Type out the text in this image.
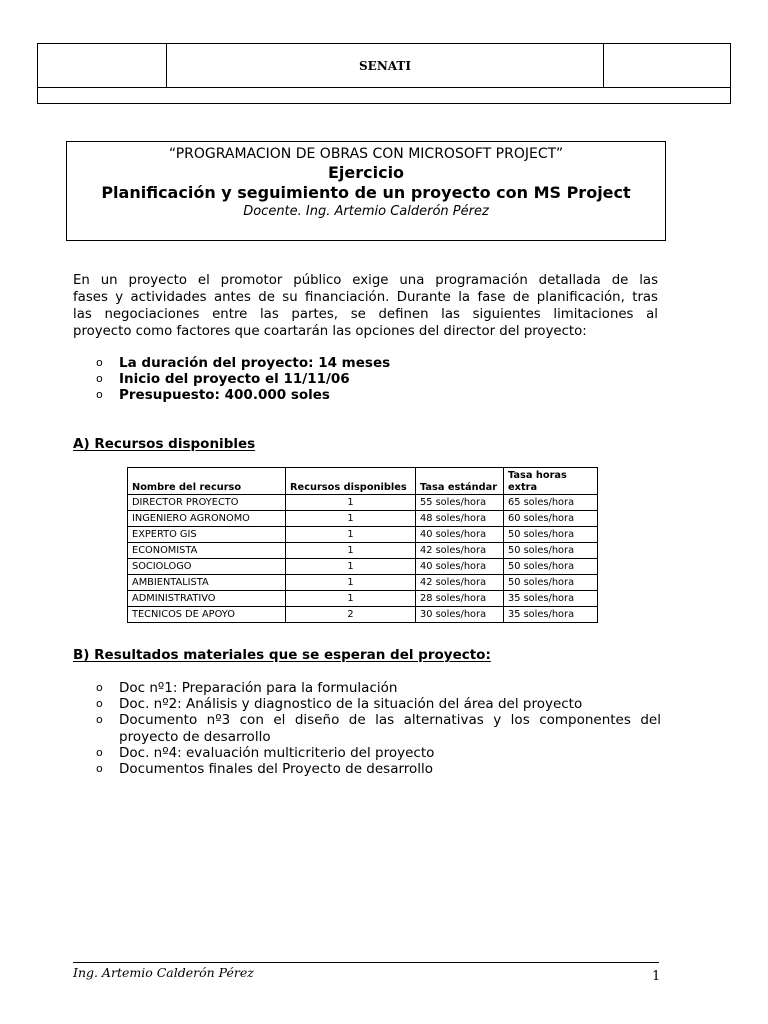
SENATI
“PROGRAMACION DE OBRAS CON MICROSOFT PROJECT”
Ejercicio
Planificación y seguimiento de un proyecto con MS Project
Docente. Ing. Artemio Calderón Pérez
En un proyecto el promotor público exige una programación detallada de las
fases y actividades antes de su financiación. Durante la fase de planificación, tras
las negociaciones entre las partes, se definen las siguientes limitaciones al
proyecto como factores que coartarán las opciones del director del proyecto:
o	La duración del proyecto: 14 meses
o	Inicio del proyecto el 11/11/06
o	Presupuesto: 400.000 soles
A) Recursos disponibles
Nombre del recurso	Recursos disponibles	Tasa estándar	Tasa horas extra
DIRECTOR PROYECTO	1	55 soles/hora	65 soles/hora
INGENIERO AGRONOMO	1	48 soles/hora	60 soles/hora
EXPERTO GIS	1	40 soles/hora	50 soles/hora
ECONOMISTA	1	42 soles/hora	50 soles/hora
SOCIOLOGO	1	40 soles/hora	50 soles/hora
AMBIENTALISTA	1	42 soles/hora	50 soles/hora
ADMINISTRATIVO	1	28 soles/hora	35 soles/hora
TECNICOS DE APOYO	2	30 soles/hora	35 soles/hora
B) Resultados materiales que se esperan del proyecto:
o	Doc nº1: Preparación para la formulación
o	Doc. nº2: Análisis y diagnostico de la situación del área del proyecto
o	Documento nº3 con el diseño de las alternativas y los componentes del proyecto de desarrollo
o	Doc. nº4: evaluación multicriterio del proyecto
o	Documentos finales del Proyecto de desarrollo
Ing. Artemio Calderón Pérez	1
